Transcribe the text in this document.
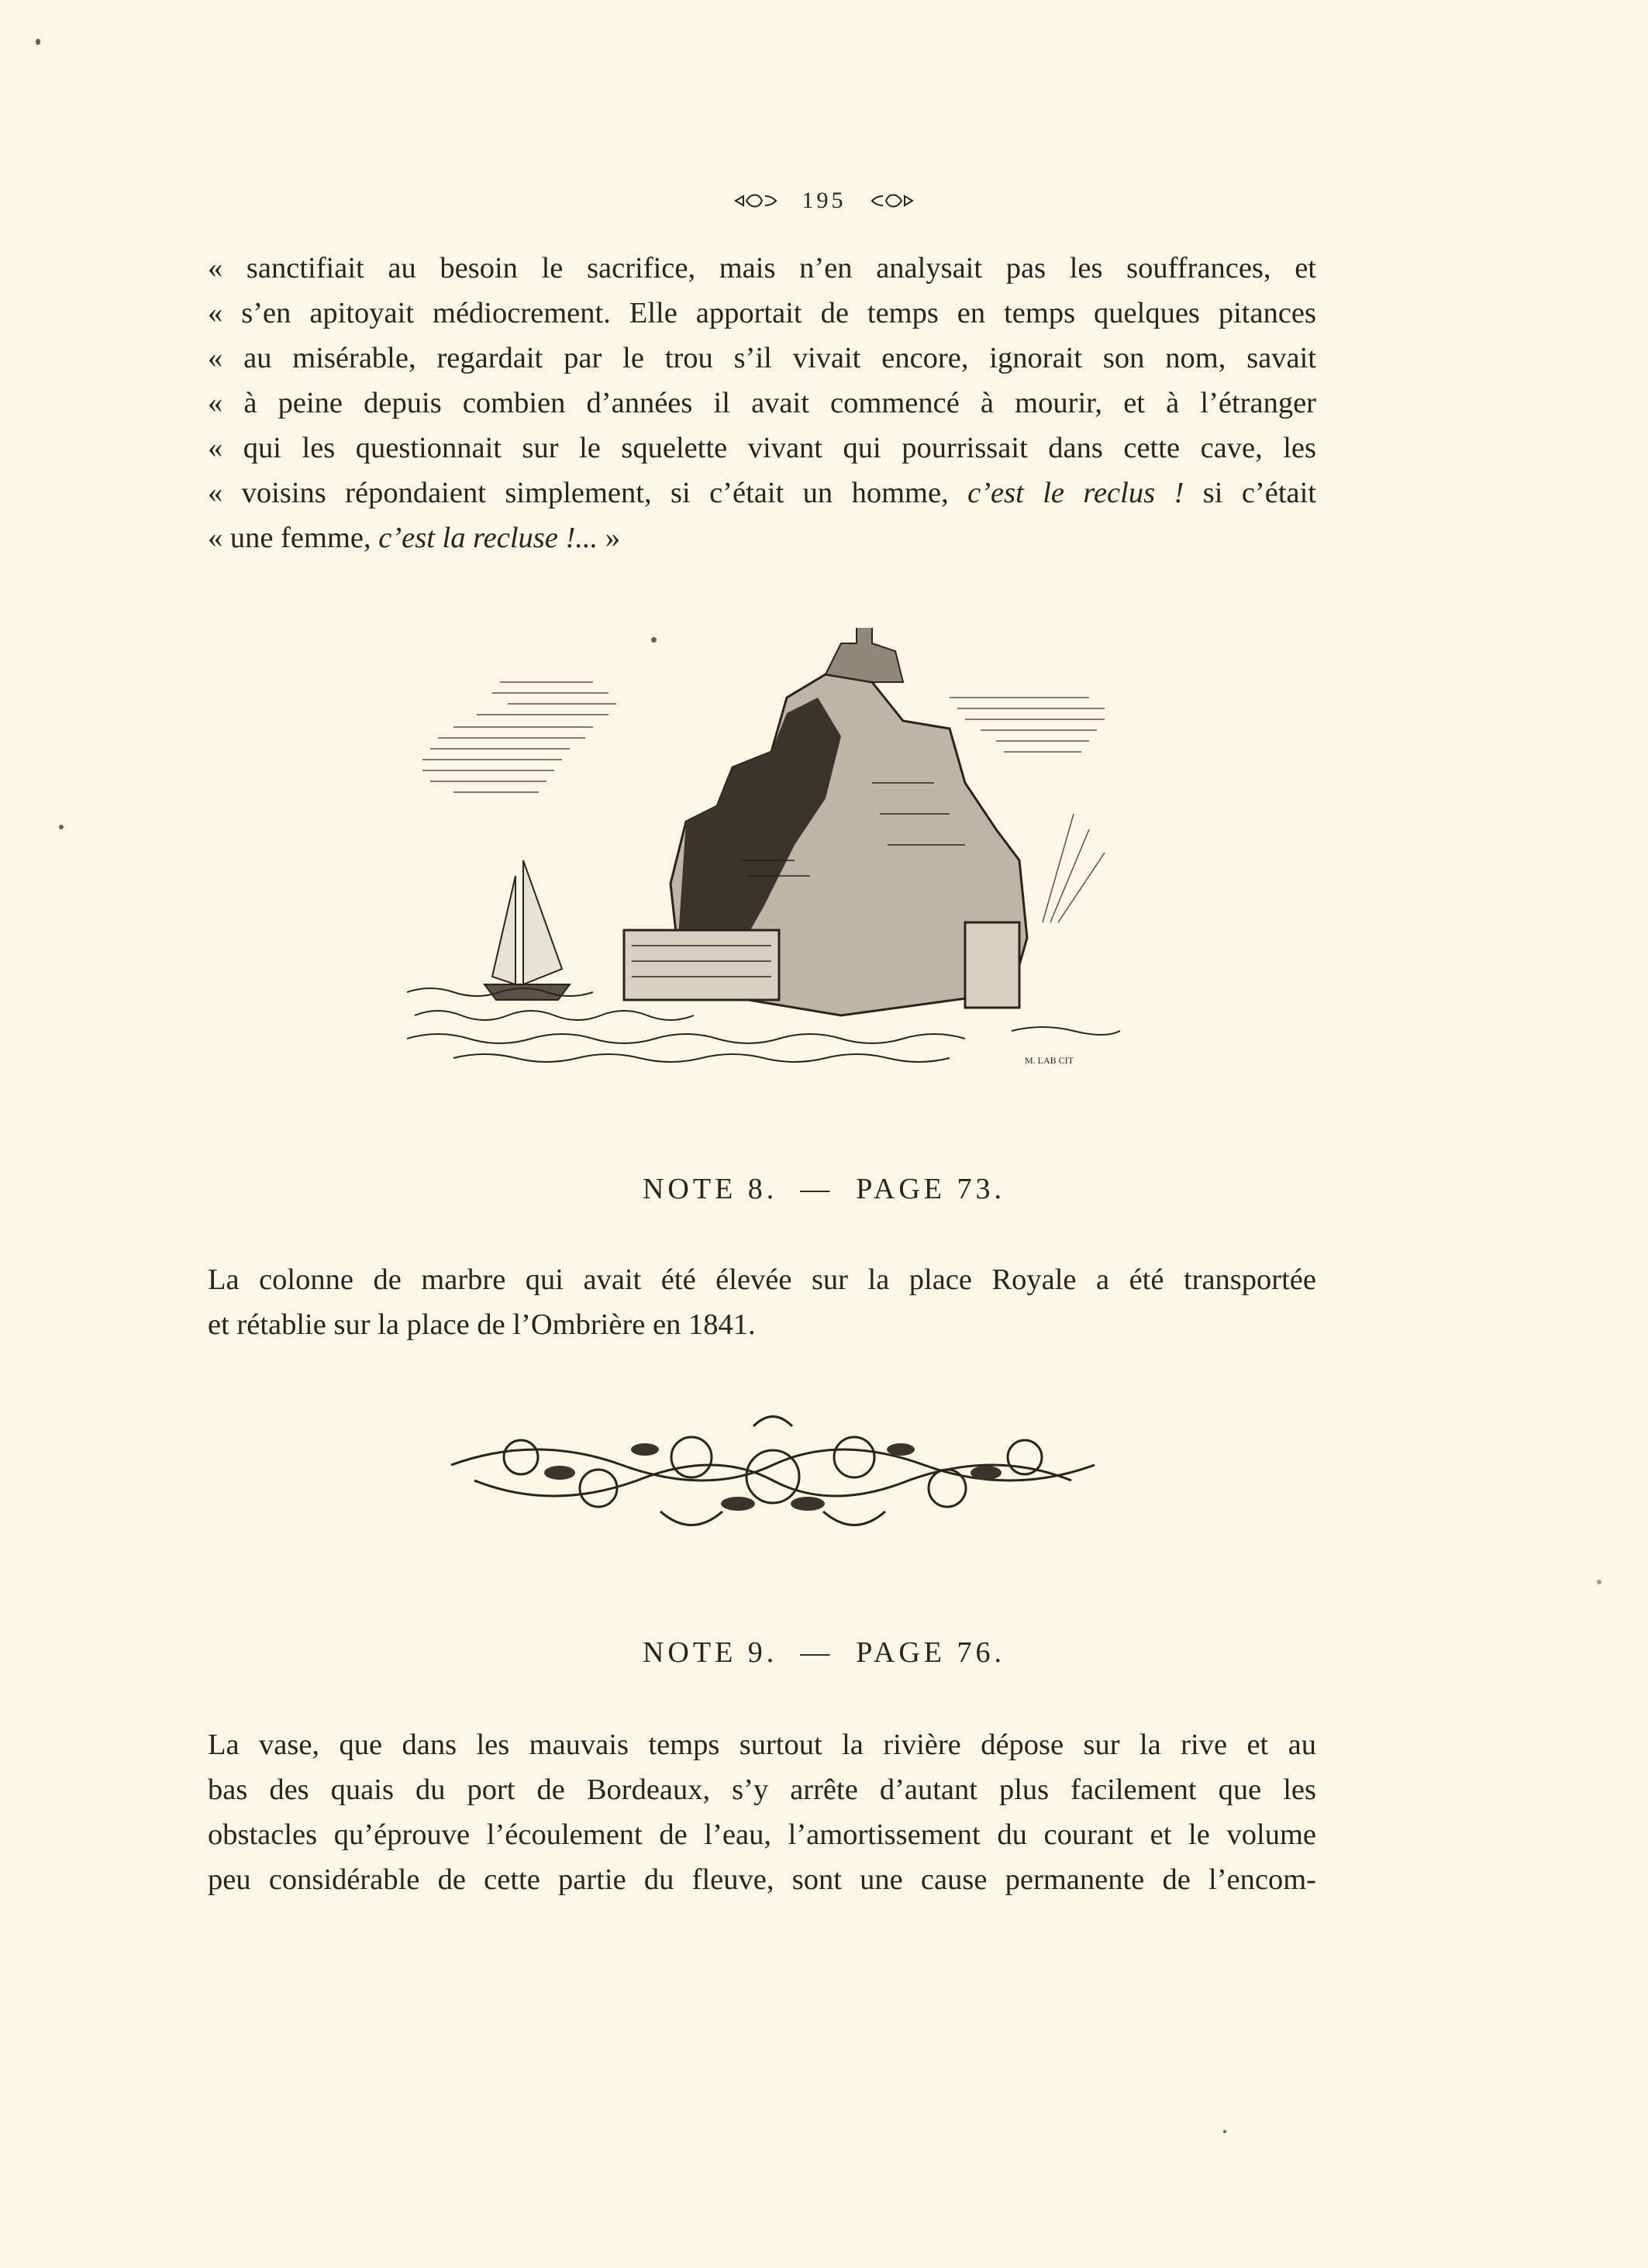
195
« sanctifiait au besoin le sacrifice, mais n’en analysait pas les souffrances, et
« s’en apitoyait médiocrement. Elle apportait de temps en temps quelques pitances
« au misérable, regardait par le trou s’il vivait encore, ignorait son nom, savait
« à peine depuis combien d’années il avait commencé à mourir, et à l’étranger
« qui les questionnait sur le squelette vivant qui pourrissait dans cette cave, les
« voisins répondaient simplement, si c’était un homme, c’est le reclus ! si c’était
« une femme, c’est la recluse !... »
M. LAB CIT
NOTE 8.  —  PAGE 73.
La colonne de marbre qui avait été élevée sur la place Royale a été transportée
et rétablie sur la place de l’Ombrière en 1841.
NOTE 9.  —  PAGE 76.
La vase, que dans les mauvais temps surtout la rivière dépose sur la rive et au
bas des quais du port de Bordeaux, s’y arrête d’autant plus facilement que les
obstacles qu’éprouve l’écoulement de l’eau, l’amortissement du courant et le volume
peu considérable de cette partie du fleuve, sont une cause permanente de l’encom-
